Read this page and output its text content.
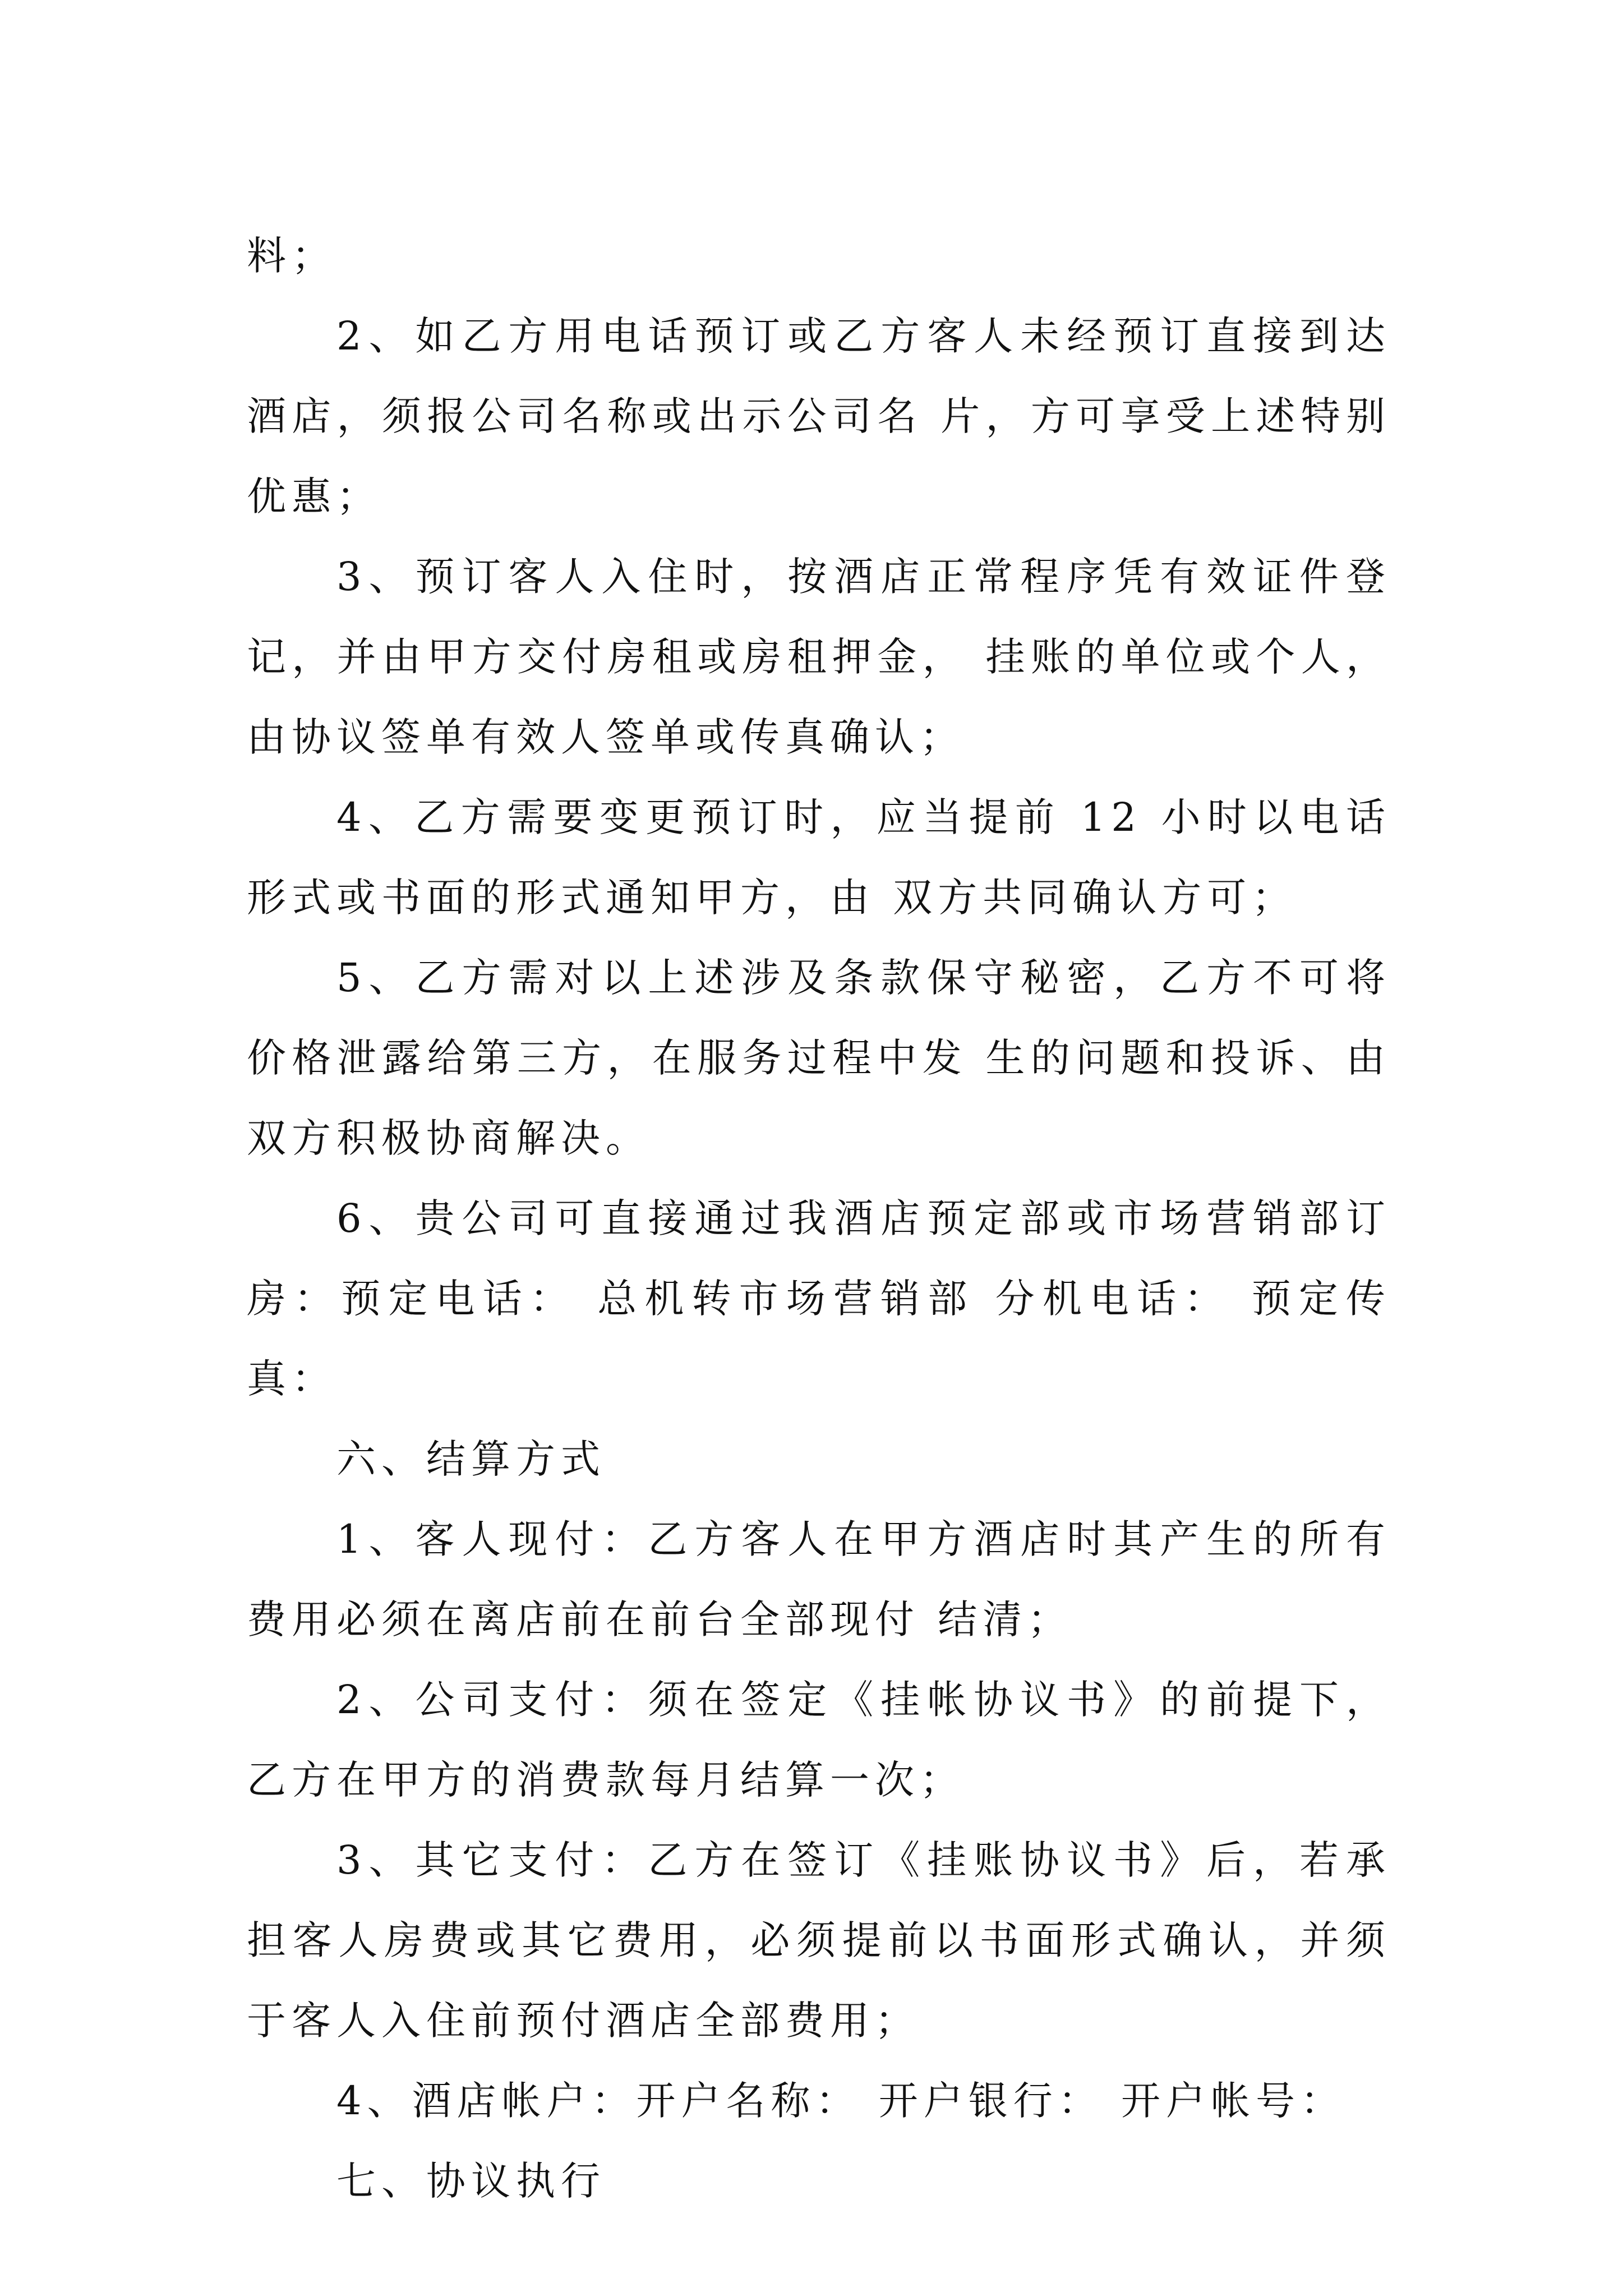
料；

2、如乙方用电话预订或乙方客人未经预订直接到达酒店，须报公司名称或出示公司名 片，方可享受上述特别优惠；

3、预订客人入住时，按酒店正常程序凭有效证件登记，并由甲方交付房租或房租押金， 挂账的单位或个人，由协议签单有效人签单或传真确认；

4、乙方需要变更预订时，应当提前 12 小时以电话形式或书面的形式通知甲方，由 双方共同确认方可；

5、乙方需对以上述涉及条款保守秘密，乙方不可将价格泄露给第三方，在服务过程中发 生的问题和投诉、由双方积极协商解决。

6、贵公司可直接通过我酒店预定部或市场营销部订房：预定电话： 总机转市场营销部 分机电话： 预定传真：

六、结算方式

1、客人现付：乙方客人在甲方酒店时其产生的所有费用必须在离店前在前台全部现付 结清；

2、公司支付：须在签定《挂帐协议书》的前提下，乙方在甲方的消费款每月结算一次；

3、其它支付：乙方在签订《挂账协议书》后，若承担客人房费或其它费用，必须提前以书面形式确认，并须于客人入住前预付酒店全部费用；

4、酒店帐户：开户名称： 开户银行： 开户帐号：

七、协议执行
